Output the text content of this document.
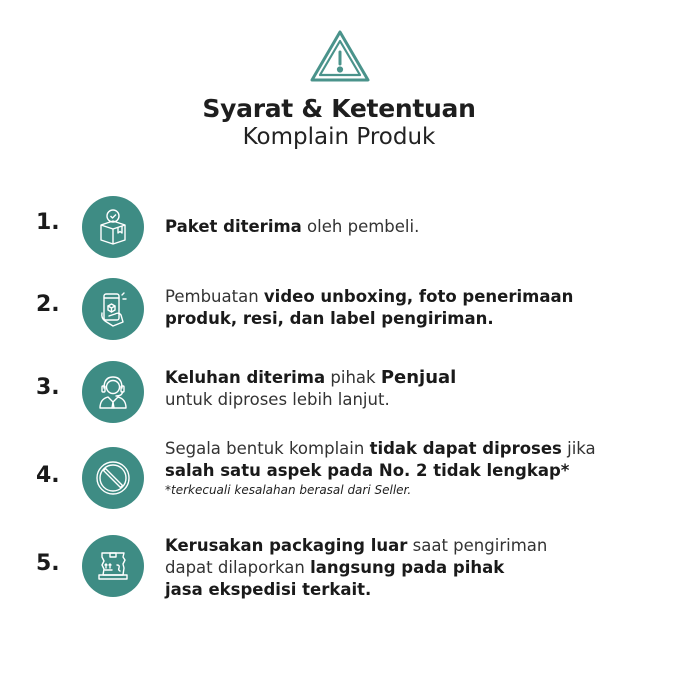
Syarat & Ketentuan
Komplain Produk
1.	Paket diterima oleh pembeli.
2.	Pembuatan video unboxing, foto penerimaan
produk, resi, dan label pengiriman.
3.	Keluhan diterima pihak Penjual
untuk diproses lebih lanjut.
4.
Segala bentuk komplain tidak dapat diproses jika
salah satu aspek pada No. 2 tidak lengkap*
*terkecuali kesalahan berasal dari Seller.
5.
Kerusakan packaging luar saat pengiriman
dapat dilaporkan langsung pada pihak
jasa ekspedisi terkait.
